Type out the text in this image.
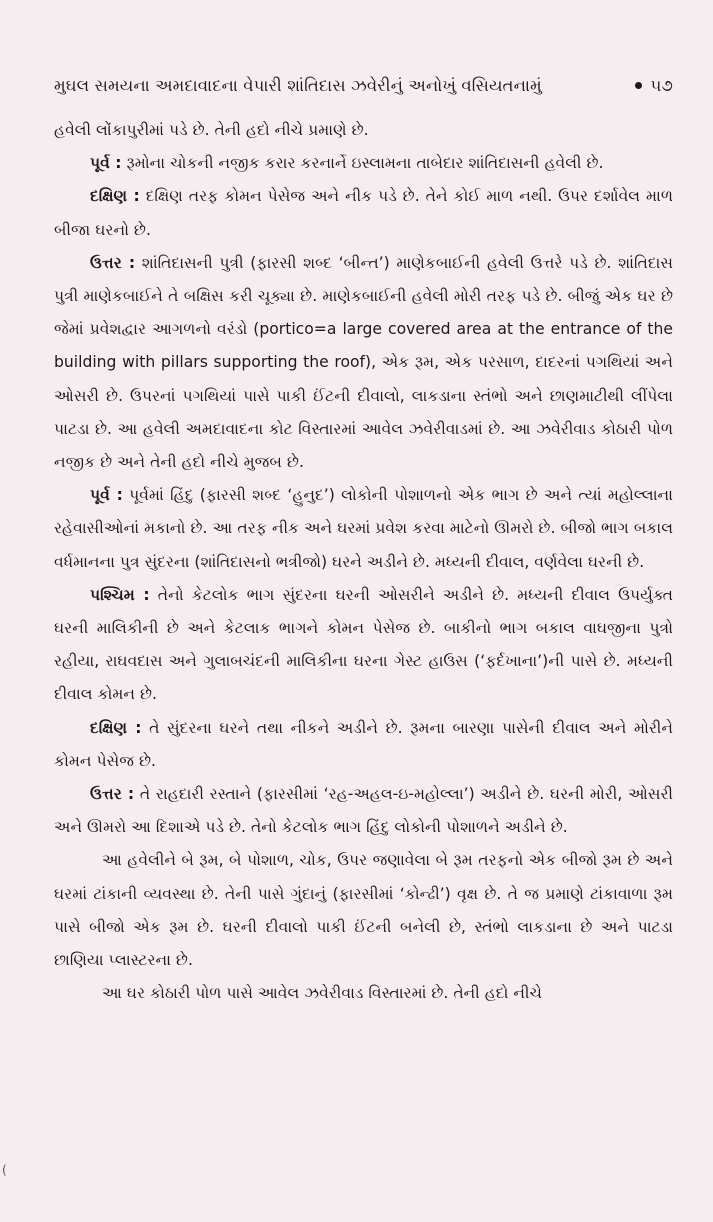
મુઘલ સમયના અમદાવાદના વેપારી શાંતિદાસ ઝવેરીનું અનોખું વસિયતનામું	૫૭

હવેલી લોંકાપુરીમાં પડે છે. તેની હદો નીચે પ્રમાણે છે.

પૂર્વ : રૂમોના ચોકની નજીક કરાર કરનાર્ને ઇસ્લામના તાબેદાર શાંતિદાસની હવેલી છે.

દક્ષિણ : દક્ષિણ તરફ કોમન પેસેજ અને નીક પડે છે. તેને કોઈ માળ નથી. ઉપર દર્શાવેલ માળ બીજા ઘરનો છે.

ઉત્તર : શાંતિદાસની પુત્રી (ફારસી શબ્દ ‘બીન્ત’) માણેકબાઈની હવેલી ઉત્તરે પડે છે. શાંતિદાસ પુત્રી માણેકબાઈને તે બક્ષિસ કરી ચૂક્યા છે. માણેકબાઈની હવેલી મોરી તરફ પડે છે. બીજું એક ઘર છે જેમાં પ્રવેશદ્વાર આગળનો વરંડો (portico=a large covered area at the entrance of the building with pillars supporting the roof), એક રૂમ, એક પરસાળ, દાદરનાં પગથિયાં અને ઓસરી છે. ઉપરનાં પગથિયાં પાસે પાકી ઈંટની દીવાલો, લાકડાના સ્તંભો અને છાણમાટીથી લીંપેલા પાટડા છે. આ હવેલી અમદાવાદના કોટ વિસ્તારમાં આવેલ ઝવેરીવાડમાં છે. આ ઝવેરીવાડ કોઠારી પોળ નજીક છે અને તેની હદો નીચે મુજબ છે.

પૂર્વ : પૂર્વમાં હિંદુ (ફારસી શબ્દ ‘હુનુદ’) લોકોની પોશાળનો એક ભાગ છે અને ત્યાં મહોલ્લાના રહેવાસીઓનાં મકાનો છે. આ તરફ નીક અને ઘરમાં પ્રવેશ કરવા માટેનો ઊમરો છે. બીજો ભાગ બકાલ વર્ધમાનના પુત્ર સુંદરના (શાંતિદાસનો ભત્રીજો) ઘરને અડીને છે. મધ્યની દીવાલ, વર્ણવેલા ઘરની છે.

પશ્ચિમ : તેનો કેટલોક ભાગ સુંદરના ઘરની ઓસરીને અડીને છે. મધ્યની દીવાલ ઉપર્યુક્ત ઘરની માલિકીની છે અને કેટલાક ભાગને કોમન પેસેજ છે. બાકીનો ભાગ બકાલ વાઘજીના પુત્રો રહીયા, રાઘવદાસ અને ગુલાબચંદની માલિકીના ઘરના ગેસ્ટ હાઉસ (‘ફર્દખાના’)ની પાસે છે. મધ્યની દીવાલ કોમન છે.

દક્ષિણ : તે સુંદરના ઘરને તથા નીકને અડીને છે. રૂમના બારણા પાસેની દીવાલ અને મોરીને કોમન પેસેજ છે.

ઉત્તર : તે રાહદારી રસ્તાને (ફારસીમાં ‘રહ-અહલ-ઇ-મહોલ્લા’) અડીને છે. ઘરની મોરી, ઓસરી અને ઊમરો આ દિશાએ પડે છે. તેનો કેટલોક ભાગ હિંદુ લોકોની પોશાળને અડીને છે.

આ હવેલીને બે રૂમ, બે પોશાળ, ચોક, ઉપર જણાવેલા બે રૂમ તરફનો એક બીજો રૂમ છે અને ઘરમાં ટાંકાની વ્યવસ્થા છે. તેની પાસે ગુંદાનું (ફારસીમાં ‘કોન્ઢી’) વૃક્ષ છે. તે જ પ્રમાણે ટાંકાવાળા રૂમ પાસે બીજો એક રૂમ છે. ઘરની દીવાલો પાકી ઈંટની બનેલી છે, સ્તંભો લાકડાના છે અને પાટડા છાણિયા પ્લાસ્ટરના છે.

આ ઘર કોઠારી પોળ પાસે આવેલ ઝવેરીવાડ વિસ્તારમાં છે. તેની હદો નીચે

(
